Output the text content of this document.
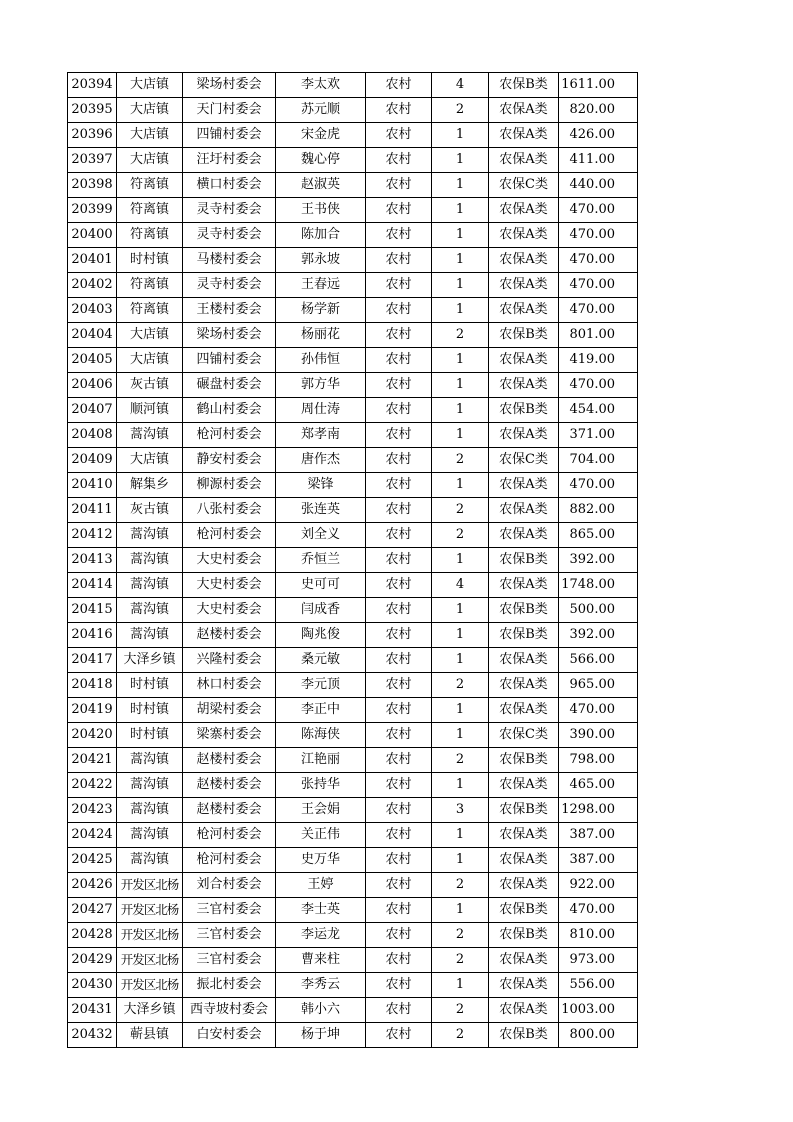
20394	大店镇	梁场村委会	李太欢	农村	4	农保B类	1611.00
20395	大店镇	天门村委会	苏元顺	农村	2	农保A类	820.00
20396	大店镇	四铺村委会	宋金虎	农村	1	农保A类	426.00
20397	大店镇	汪圩村委会	魏心停	农村	1	农保A类	411.00
20398	符离镇	横口村委会	赵淑英	农村	1	农保C类	440.00
20399	符离镇	灵寺村委会	王书侠	农村	1	农保A类	470.00
20400	符离镇	灵寺村委会	陈加合	农村	1	农保A类	470.00
20401	时村镇	马楼村委会	郭永坡	农村	1	农保A类	470.00
20402	符离镇	灵寺村委会	王春远	农村	1	农保A类	470.00
20403	符离镇	王楼村委会	杨学新	农村	1	农保A类	470.00
20404	大店镇	梁场村委会	杨丽花	农村	2	农保B类	801.00
20405	大店镇	四铺村委会	孙伟恒	农村	1	农保A类	419.00
20406	灰古镇	碾盘村委会	郭方华	农村	1	农保A类	470.00
20407	顺河镇	鹤山村委会	周仕涛	农村	1	农保B类	454.00
20408	蒿沟镇	枪河村委会	郑孝南	农村	1	农保A类	371.00
20409	大店镇	静安村委会	唐作杰	农村	2	农保C类	704.00
20410	解集乡	柳源村委会	梁锋	农村	1	农保A类	470.00
20411	灰古镇	八张村委会	张连英	农村	2	农保A类	882.00
20412	蒿沟镇	枪河村委会	刘全义	农村	2	农保A类	865.00
20413	蒿沟镇	大史村委会	乔恒兰	农村	1	农保B类	392.00
20414	蒿沟镇	大史村委会	史可可	农村	4	农保A类	1748.00
20415	蒿沟镇	大史村委会	闫成香	农村	1	农保B类	500.00
20416	蒿沟镇	赵楼村委会	陶兆俊	农村	1	农保B类	392.00
20417	大泽乡镇	兴隆村委会	桑元敏	农村	1	农保A类	566.00
20418	时村镇	林口村委会	李元顶	农村	2	农保A类	965.00
20419	时村镇	胡梁村委会	李正中	农村	1	农保A类	470.00
20420	时村镇	梁寨村委会	陈海侠	农村	1	农保C类	390.00
20421	蒿沟镇	赵楼村委会	江艳丽	农村	2	农保B类	798.00
20422	蒿沟镇	赵楼村委会	张持华	农村	1	农保A类	465.00
20423	蒿沟镇	赵楼村委会	王会娟	农村	3	农保B类	1298.00
20424	蒿沟镇	枪河村委会	关正伟	农村	1	农保A类	387.00
20425	蒿沟镇	枪河村委会	史万华	农村	1	农保A类	387.00
20426	开发区北杨	刘合村委会	王婷	农村	2	农保A类	922.00
20427	开发区北杨	三官村委会	李士英	农村	1	农保B类	470.00
20428	开发区北杨	三官村委会	李运龙	农村	2	农保B类	810.00
20429	开发区北杨	三官村委会	曹来柱	农村	2	农保A类	973.00
20430	开发区北杨	振北村委会	李秀云	农村	1	农保A类	556.00
20431	大泽乡镇	西寺坡村委会	韩小六	农村	2	农保A类	1003.00
20432	蕲县镇	白安村委会	杨于坤	农村	2	农保B类	800.00
